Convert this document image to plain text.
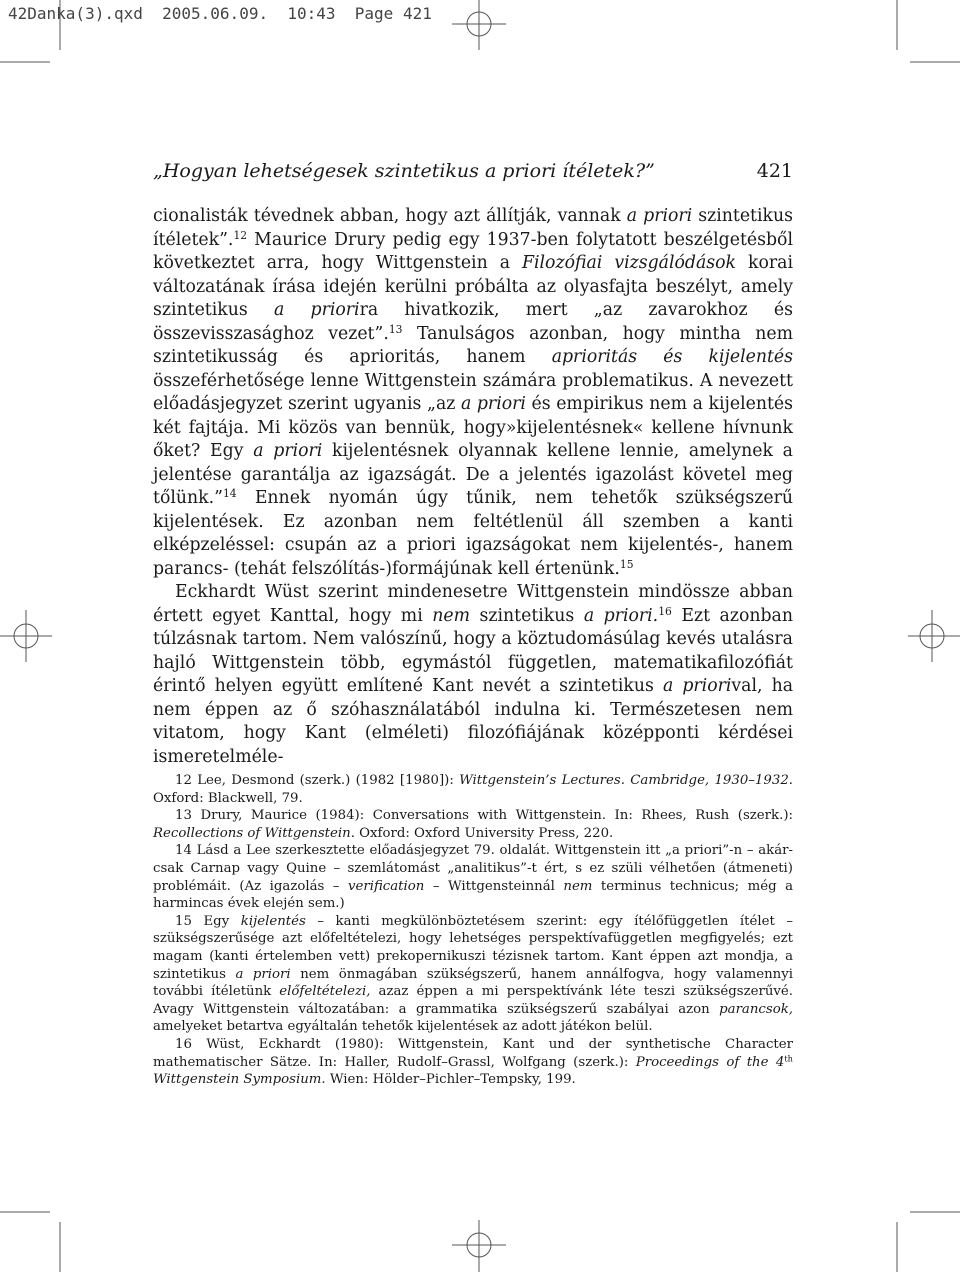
42Danka(3).qxd  2005.06.09.  10:43  Page 421
„Hogyan lehetségesek szintetikus a priori ítéletek?”	421

cionalisták tévednek abban, hogy azt állítják, vannak a priori szintetikus ítéletek”.$^{12}$ Maurice Drury pedig egy 1937-ben folytatott beszélgetésből következtet arra, hogy Wittgenstein a Filozófiai vizsgálódások korai változatának írása idején kerülni próbálta az olyasfajta beszélyt, amely szintetikus a priorira hivatkozik, mert „az zavarokhoz és összevisszasághoz vezet”.$^{13}$ Tanulságos azonban, hogy mintha nem szintetikusság és aprioritás, hanem aprioritás és kijelentés összeférhetősége lenne Wittgenstein számára problematikus. A nevezett előadásjegyzet szerint ugyanis „az a priori és empirikus nem a kijelentés két fajtája. Mi közös van bennük, hogy»kijelentésnek« kellene hívnunk őket? Egy a priori kijelentésnek olyannak kellene lennie, amelynek a jelentése garantálja az igazságát. De a jelentés igazolást követel meg tőlünk.”$^{14}$ Ennek nyomán úgy tűnik, nem tehetők szükségszerű kijelentések. Ez azonban nem feltétlenül áll szemben a kanti elképzeléssel: csupán az a priori igazságokat nem kijelentés-, hanem parancs- (tehát felszólítás-)formájúnak kell értenünk.$^{15}$

Eckhardt Wüst szerint mindenesetre Wittgenstein mindössze abban értett egyet Kanttal, hogy mi nem szintetikus a priori.$^{16}$ Ezt azonban túlzásnak tartom. Nem valószínű, hogy a köztudomásúlag kevés utalásra hajló Wittgenstein több, egymástól független, matematikafilozófiát érintő helyen együtt említené Kant nevét a szintetikus a priorival, ha nem éppen az ő szóhasználatából indulna ki. Természetesen nem vitatom, hogy Kant (elméleti) filozófiájának középponti kérdései ismeretelméle-

12 Lee, Desmond (szerk.) (1982 [1980]): Wittgenstein’s Lectures. Cambridge, 1930–1932. Oxford: Blackwell, 79.

13 Drury, Maurice (1984): Conversations with Wittgenstein. In: Rhees, Rush (szerk.): Recollections of Wittgenstein. Oxford: Oxford University Press, 220.

14 Lásd a Lee szerkesztette előadásjegyzet 79. oldalát. Wittgenstein itt „a priori”-n – akár-csak Carnap vagy Quine – szemlátomást „analitikus”-t ért, s ez szüli vélhetően (átmeneti) problémáit. (Az igazolás – verification – Wittgensteinnál nem terminus technicus; még a harmincas évek elején sem.)

15 Egy kijelentés – kanti megkülönböztetésem szerint: egy ítélőfüggetlen ítélet – szükségszerűsége azt előfeltételezi, hogy lehetséges perspektívafüggetlen megfigyelés; ezt magam (kanti értelemben vett) prekopernikuszi tézisnek tartom. Kant éppen azt mondja, a szintetikus a priori nem önmagában szükségszerű, hanem annálfogva, hogy valamennyi további ítéletünk előfeltételezi, azaz éppen a mi perspektívánk léte teszi szükségszerűvé. Avagy Wittgenstein változatában: a grammatika szükségszerű szabályai azon parancsok, amelyeket betartva egyáltalán tehetők kijelentések az adott játékon belül.

16 Wüst, Eckhardt (1980): Wittgenstein, Kant und der synthetische Character mathematischer Sätze. In: Haller, Rudolf–Grassl, Wolfgang (szerk.): Proceedings of the 4th Wittgenstein Symposium. Wien: Hölder–Pichler–Tempsky, 199.
